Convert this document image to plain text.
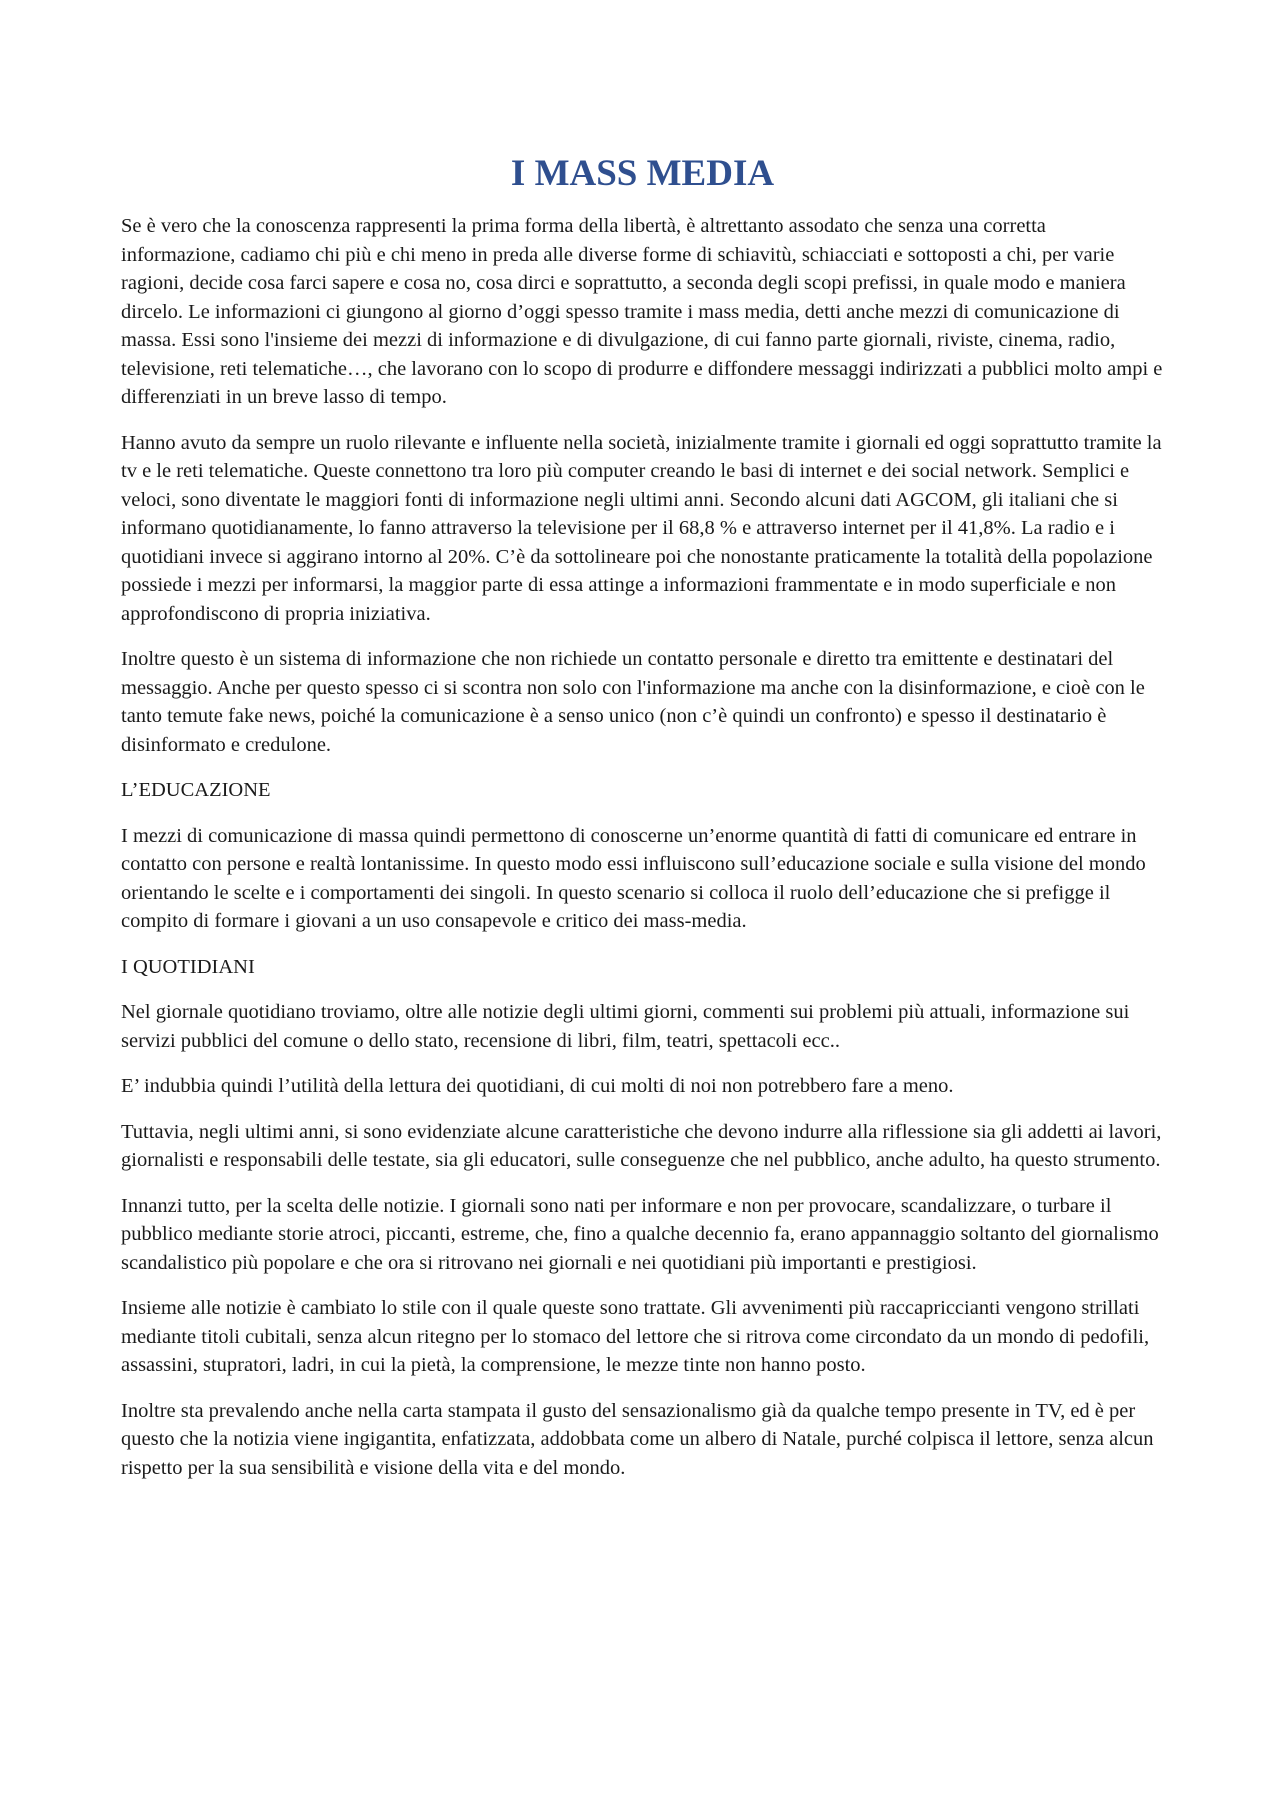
I MASS MEDIA

Se è vero che la conoscenza rappresenti la prima forma della libertà, è altrettanto assodato che senza una corretta informazione, cadiamo chi più e chi meno in preda alle diverse forme di schiavitù, schiacciati e sottoposti a chi, per varie ragioni, decide cosa farci sapere e cosa no, cosa dirci e soprattutto, a seconda degli scopi prefissi, in quale modo e maniera dircelo. Le informazioni ci giungono al giorno d’oggi spesso tramite i mass media, detti anche mezzi di comunicazione di massa. Essi sono l'insieme dei mezzi di informazione e di divulgazione, di cui fanno parte giornali, riviste, cinema, radio, televisione, reti telematiche…, che lavorano con lo scopo di produrre e diffondere messaggi indirizzati a pubblici molto ampi e differenziati in un breve lasso di tempo.

Hanno avuto da sempre un ruolo rilevante e influente nella società, inizialmente tramite i giornali ed oggi soprattutto tramite la tv e le reti telematiche. Queste connettono tra loro più computer creando le basi di internet e dei social network. Semplici e veloci, sono diventate le maggiori fonti di informazione negli ultimi anni. Secondo alcuni dati AGCOM, gli italiani che si informano quotidianamente, lo fanno attraverso la televisione per il 68,8 % e attraverso internet per il 41,8%. La radio e i quotidiani invece si aggirano intorno al 20%. C’è da sottolineare poi che nonostante praticamente la totalità della popolazione possiede i mezzi per informarsi, la maggior parte di essa attinge a informazioni frammentate e in modo superficiale e non approfondiscono di propria iniziativa.

Inoltre questo è un sistema di informazione che non richiede un contatto personale e diretto tra emittente e destinatari del messaggio. Anche per questo spesso ci si scontra non solo con l'informazione ma anche con la disinformazione, e cioè con le tanto temute fake news, poiché la comunicazione è a senso unico (non c’è quindi un confronto) e spesso il destinatario è disinformato e credulone.

L’EDUCAZIONE

I mezzi di comunicazione di massa quindi permettono di conoscerne un’enorme quantità di fatti di comunicare ed entrare in contatto con persone e realtà lontanissime. In questo modo essi influiscono sull’educazione sociale e sulla visione del mondo orientando le scelte e i comportamenti dei singoli. In questo scenario si colloca il ruolo dell’educazione che si prefigge il compito di formare i giovani a un uso consapevole e critico dei mass-media.

I QUOTIDIANI

Nel giornale quotidiano troviamo, oltre alle notizie degli ultimi giorni, commenti sui problemi più attuali, informazione sui servizi pubblici del comune o dello stato, recensione di libri, film, teatri, spettacoli ecc..

E’ indubbia quindi l’utilità della lettura dei quotidiani, di cui molti di noi non potrebbero fare a meno.

Tuttavia, negli ultimi anni, si sono evidenziate alcune caratteristiche che devono indurre alla riflessione sia gli addetti ai lavori, giornalisti e responsabili delle testate, sia gli educatori, sulle conseguenze che nel pubblico, anche adulto, ha questo strumento.

Innanzi tutto, per la scelta delle notizie. I giornali sono nati per informare e non per provocare, scandalizzare, o turbare il pubblico mediante storie atroci, piccanti, estreme, che, fino a qualche decennio fa, erano appannaggio soltanto del giornalismo scandalistico più popolare e che ora si ritrovano nei giornali e nei quotidiani più importanti e prestigiosi.

Insieme alle notizie è cambiato lo stile con il quale queste sono trattate. Gli avvenimenti più raccapriccianti vengono strillati mediante titoli cubitali, senza alcun ritegno per lo stomaco del lettore che si ritrova come circondato da un mondo di pedofili, assassini, stupratori, ladri, in cui la pietà, la comprensione, le mezze tinte non hanno posto.

Inoltre sta prevalendo anche nella carta stampata il gusto del sensazionalismo già da qualche tempo presente in TV, ed è per questo che la notizia viene ingigantita, enfatizzata, addobbata come un albero di Natale, purché colpisca il lettore, senza alcun rispetto per la sua sensibilità e visione della vita e del mondo.
